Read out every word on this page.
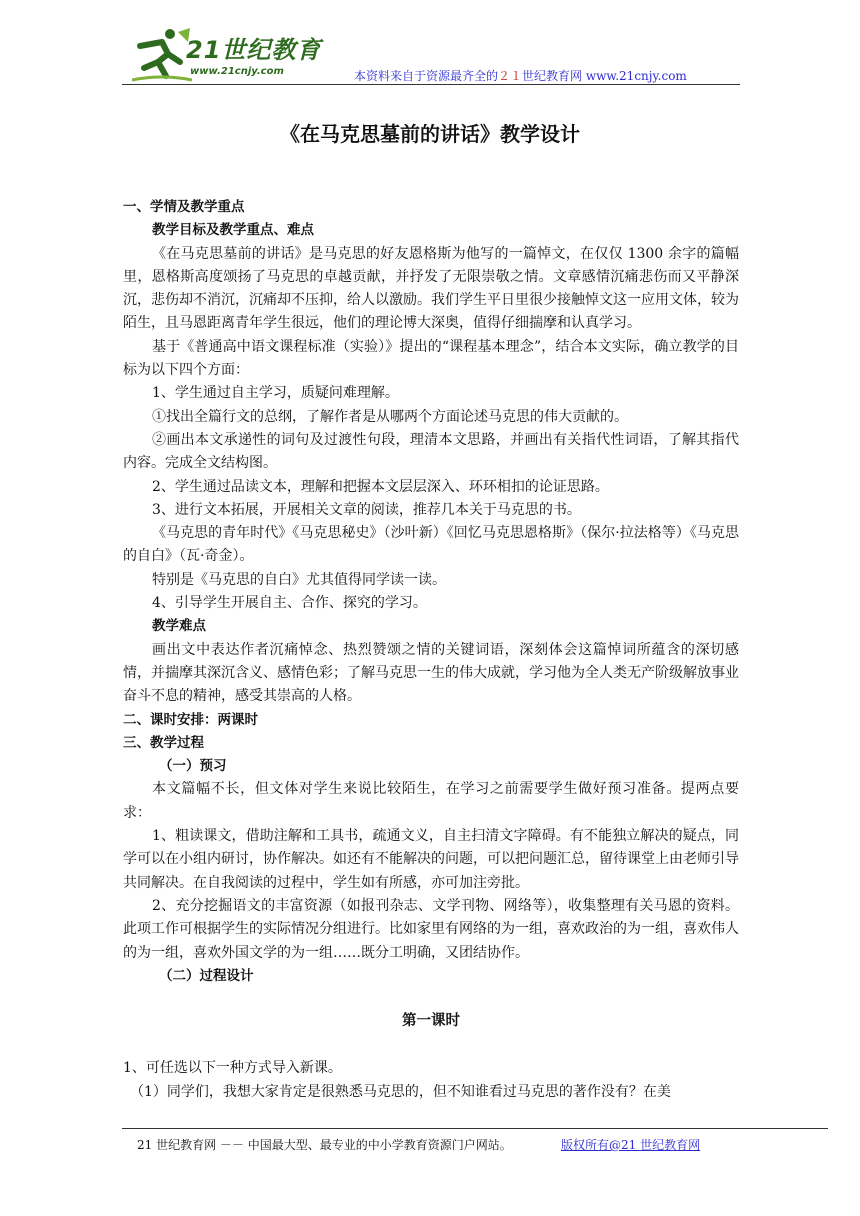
21世纪教育
www.21cnjy.com	本资料来自于资源最齐全的２１世纪教育网 www.21cnjy.com
《在马克思墓前的讲话》教学设计

一、学情及教学重点

教学目标及教学重点、难点

《在马克思墓前的讲话》是马克思的好友恩格斯为他写的一篇悼文，在仅仅 1300 余字的篇幅里，恩格斯高度颂扬了马克思的卓越贡献，并抒发了无限崇敬之情。文章感情沉痛悲伤而又平静深沉，悲伤却不消沉，沉痛却不压抑，给人以激励。我们学生平日里很少接触悼文这一应用文体，较为陌生，且马恩距离青年学生很远，他们的理论博大深奥，值得仔细揣摩和认真学习。

基于《普通高中语文课程标准（实验）》提出的“课程基本理念”，结合本文实际，确立教学的目标为以下四个方面：

1、学生通过自主学习，质疑问难理解。

①找出全篇行文的总纲，了解作者是从哪两个方面论述马克思的伟大贡献的。

②画出本文承递性的词句及过渡性句段，理清本文思路，并画出有关指代性词语，了解其指代内容。完成全文结构图。

2、学生通过品读文本，理解和把握本文层层深入、环环相扣的论证思路。

3、进行文本拓展，开展相关文章的阅读，推荐几本关于马克思的书。

《马克思的青年时代》《马克思秘史》（沙叶新）《回忆马克思恩格斯》（保尔·拉法格等）《马克思的自白》（瓦·奇金）。

特别是《马克思的自白》尤其值得同学读一读。

4、引导学生开展自主、合作、探究的学习。

教学难点

画出文中表达作者沉痛悼念、热烈赞颂之情的关键词语，深刻体会这篇悼词所蕴含的深切感情，并揣摩其深沉含义、感情色彩；了解马克思一生的伟大成就，学习他为全人类无产阶级解放事业奋斗不息的精神，感受其崇高的人格。

二、课时安排：两课时

三、教学过程

（一）预习

本文篇幅不长，但文体对学生来说比较陌生，在学习之前需要学生做好预习准备。提两点要求：

1、粗读课文，借助注解和工具书，疏通文义，自主扫清文字障碍。有不能独立解决的疑点，同学可以在小组内研讨，协作解决。如还有不能解决的问题，可以把问题汇总，留待课堂上由老师引导共同解决。在自我阅读的过程中，学生如有所感，亦可加注旁批。

2、充分挖掘语文的丰富资源（如报刊杂志、文学刊物、网络等），收集整理有关马恩的资料。此项工作可根据学生的实际情况分组进行。比如家里有网络的为一组，喜欢政治的为一组，喜欢伟人的为一组，喜欢外国文学的为一组……既分工明确，又团结协作。

（二）过程设计

第一课时

1、可任选以下一种方式导入新课。

（1）同学们，我想大家肯定是很熟悉马克思的，但不知谁看过马克思的著作没有？在美

21 世纪教育网 －－ 中国最大型、最专业的中小学教育资源门户网站。	版权所有@21 世纪教育网
